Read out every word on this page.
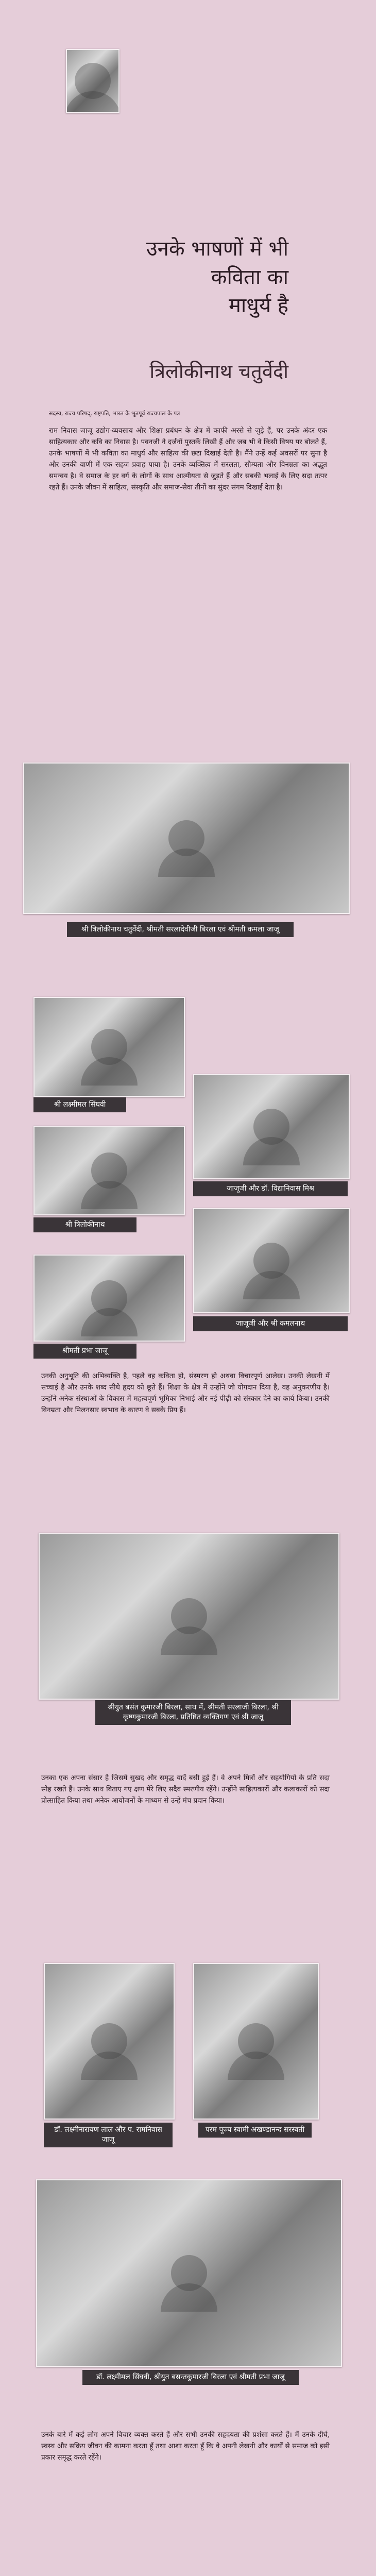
उनके भाषणों में भी
कविता का
माधुर्य है
त्रिलोकीनाथ चतुर्वेदी
सदस्य, राज्य परिषद्, राष्ट्रपति, भारत के भूतपूर्व राज्यपाल के पत्र
राम निवास जाजू उद्योग-व्यवसाय और शिक्षा प्रबंधन के क्षेत्र में काफी अरसे से जुड़े हैं, पर उनके अंदर एक साहित्यकार और कवि का निवास है। पवनजी ने दर्जनों पुस्तकें लिखी हैं और जब भी वे किसी विषय पर बोलते हैं, उनके भाषणों में भी कविता का माधुर्य और साहित्य की छटा दिखाई देती है। मैंने उन्हें कई अवसरों पर सुना है और उनकी वाणी में एक सहज प्रवाह पाया है। उनके व्यक्तित्व में सरलता, सौम्यता और विनम्रता का अद्भुत समन्वय है। वे समाज के हर वर्ग के लोगों के साथ आत्मीयता से जुड़ते हैं और सबकी भलाई के लिए सदा तत्पर रहते हैं। उनके जीवन में साहित्य, संस्कृति और समाज-सेवा तीनों का सुंदर संगम दिखाई देता है।
श्री त्रिलोकीनाथ चतुर्वेदी, श्रीमती सरलादेवीजी बिरला एवं श्रीमती कमला जाजू
श्री लक्ष्मीमल सिंघवी
जाजूजी और डॉ. विद्यानिवास मिश्र
श्री त्रिलोकीनाथ
जाजूजी और श्री कमलनाथ
श्रीमती प्रभा जाजू
उनकी अनुभूति की अभिव्यक्ति है, पहले वह कविता हो, संस्मरण हो अथवा विचारपूर्ण आलेख। उनकी लेखनी में सच्चाई है और उनके शब्द सीधे हृदय को छूते हैं। शिक्षा के क्षेत्र में उन्होंने जो योगदान दिया है, वह अनुकरणीय है। उन्होंने अनेक संस्थाओं के विकास में महत्वपूर्ण भूमिका निभाई और नई पीढ़ी को संस्कार देने का कार्य किया। उनकी विनम्रता और मिलनसार स्वभाव के कारण वे सबके प्रिय हैं।
श्रीयुत बसंत कुमारजी बिरला, साथ में, श्रीमती सरलाजी बिरला, श्री कृष्णकुमारजी बिरला, प्रतिष्ठित व्यक्तिगण एवं श्री जाजू
उनका एक अपना संसार है जिसमें सुखद और समृद्ध यादें बसी हुई हैं। वे अपने मित्रों और सहयोगियों के प्रति सदा स्नेह रखते हैं। उनके साथ बिताए गए क्षण मेरे लिए सदैव स्मरणीय रहेंगे। उन्होंने साहित्यकारों और कलाकारों को सदा प्रोत्साहित किया तथा अनेक आयोजनों के माध्यम से उन्हें मंच प्रदान किया।
डॉ. लक्ष्मीनारायण लाल और प. रामनिवास जाजू
परम पूज्य स्वामी अखण्डानन्द सरस्वती
डॉ. लक्ष्मीमल सिंघवी, श्रीयुत बसन्तकुमारजी बिरला एवं श्रीमती प्रभा जाजू
उनके बारे में कई लोग अपने विचार व्यक्त करते हैं और सभी उनकी सहृदयता की प्रशंसा करते हैं। मैं उनके दीर्घ, स्वस्थ और सक्रिय जीवन की कामना करता हूँ तथा आशा करता हूँ कि वे अपनी लेखनी और कार्यों से समाज को इसी प्रकार समृद्ध करते रहेंगे।
